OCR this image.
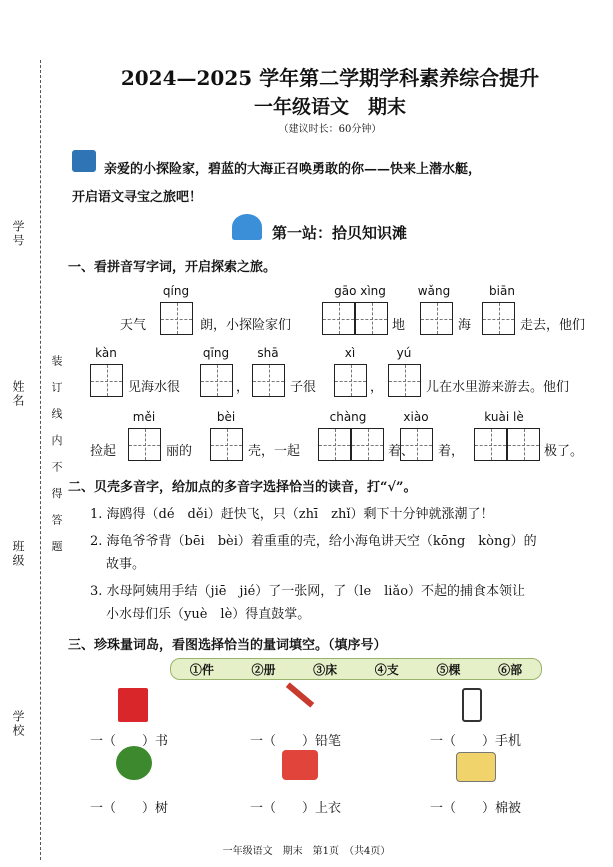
学号
姓名
班级
学校
装 订 线 内 不 得 答 题
2024—2025 学年第二学期学科素养综合提升
一年级语文　期末
（建议时长：60分钟）
亲爱的小探险家，碧蓝的大海正召唤勇敢的你——快来上潜水艇，
开启语文寻宝之旅吧！
第一站：拾贝知识滩
一、看拼音写字词，开启探索之旅。
qíng	gāo xìng	wǎng	biān
天气	朗，小探险家们	地	海	走去，他们
kàn	qīng	shā	xì	yú
见海水很	，	子很	，	儿在水里游来游去。他们
měi	bèi	chàng	xiào	kuài lè
捡起	丽的	壳，一起	着、 着，	极了。
二、贝壳多音字，给加点的多音字选择恰当的读音，打“√”。
1. 海鸥得（dé　děi）赶快飞，只（zhī　zhǐ）剩下十分钟就涨潮了！
2. 海龟爷爷背（bēi　bèi）着重重的壳，给小海龟讲天空（kōng　kòng）的
故事。
3. 水母阿姨用手结（jiē　jié）了一张网，了（le　liǎo）不起的捕食本领让
小水母们乐（yuè　lè）得直鼓掌。
三、珍珠量词岛，看图选择恰当的量词填空。（填序号）
①件	②册	③床	④支	⑤棵	⑥部
一（　　）书	一（　　）铅笔	一（　　）手机
一（　　）树	一（　　）上衣	一（　　）棉被
一年级语文　期末　第1页　（共4页）
